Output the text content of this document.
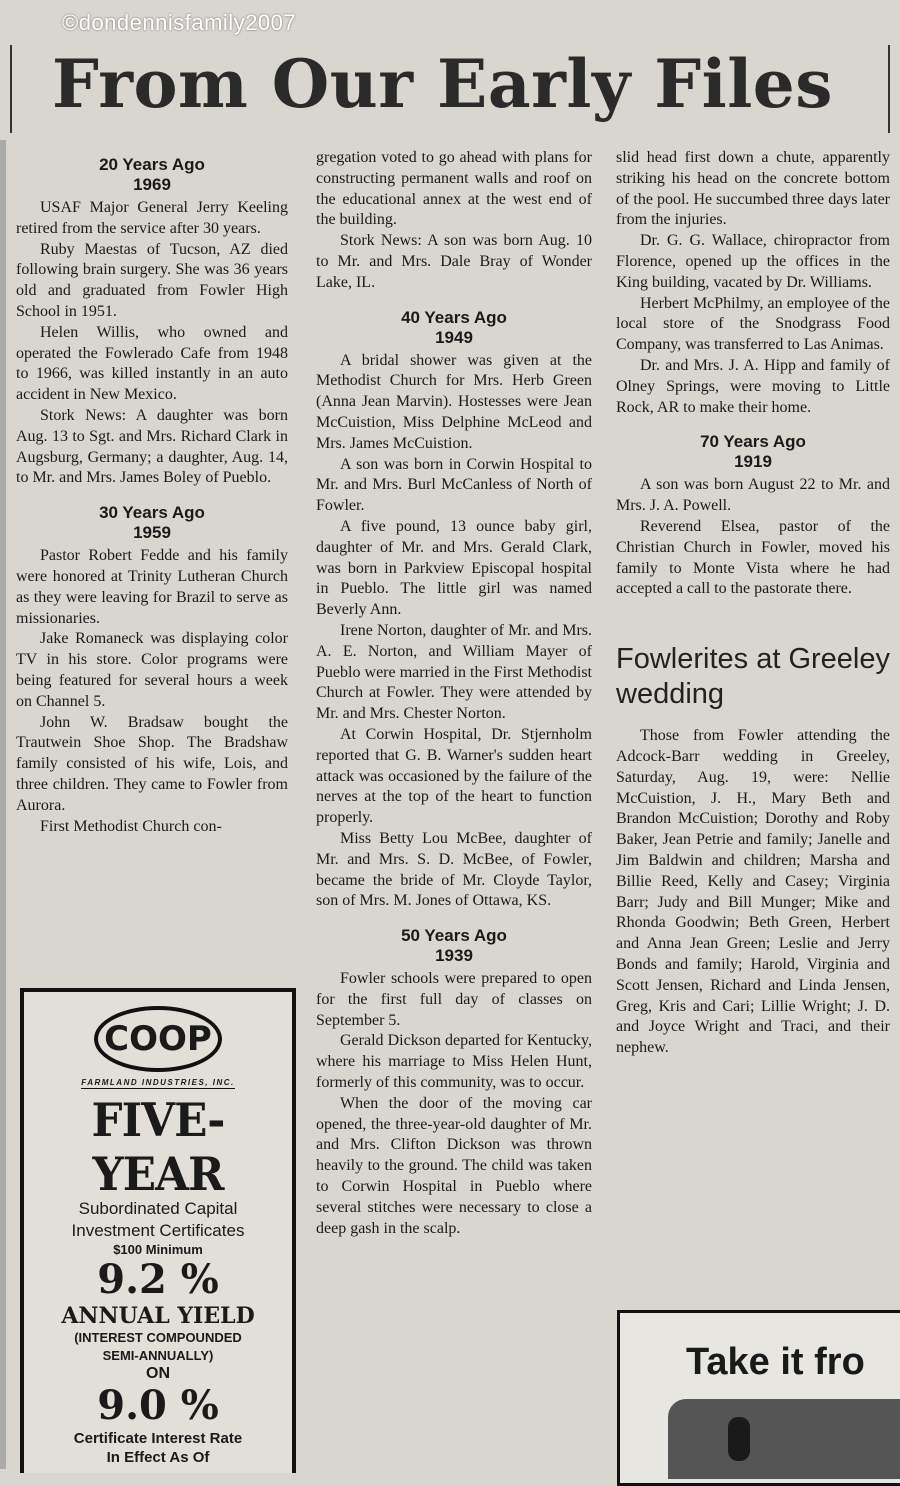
©dondennisfamily2007
From Our Early Files
20 Years Ago
1969

USAF Major General Jerry Keeling retired from the service after 30 years.

Ruby Maestas of Tucson, AZ died following brain surgery. She was 36 years old and graduated from Fowler High School in 1951.

Helen Willis, who owned and operated the Fowlerado Cafe from 1948 to 1966, was killed instantly in an auto accident in New Mexico.

Stork News: A daughter was born Aug. 13 to Sgt. and Mrs. Richard Clark in Augsburg, Germany; a daughter, Aug. 14, to Mr. and Mrs. James Boley of Pueblo.

30 Years Ago
1959

Pastor Robert Fedde and his family were honored at Trinity Lutheran Church as they were leaving for Brazil to serve as missionaries.

Jake Romaneck was displaying color TV in his store. Color programs were being featured for several hours a week on Channel 5.

John W. Bradsaw bought the Trautwein Shoe Shop. The Bradshaw family consisted of his wife, Lois, and three children. They came to Fowler from Aurora.

First Methodist Church con-

gregation voted to go ahead with plans for constructing permanent walls and roof on the educational annex at the west end of the building.

Stork News: A son was born Aug. 10 to Mr. and Mrs. Dale Bray of Wonder Lake, IL.

40 Years Ago
1949

A bridal shower was given at the Methodist Church for Mrs. Herb Green (Anna Jean Marvin). Hostesses were Jean McCuistion, Miss Delphine McLeod and Mrs. James McCuistion.

A son was born in Corwin Hospital to Mr. and Mrs. Burl McCanless of North of Fowler.

A five pound, 13 ounce baby girl, daughter of Mr. and Mrs. Gerald Clark, was born in Parkview Episcopal hospital in Pueblo. The little girl was named Beverly Ann.

Irene Norton, daughter of Mr. and Mrs. A. E. Norton, and William Mayer of Pueblo were married in the First Methodist Church at Fowler. They were attended by Mr. and Mrs. Chester Norton.

At Corwin Hospital, Dr. Stjernholm reported that G. B. Warner's sudden heart attack was occasioned by the failure of the nerves at the top of the heart to function properly.

Miss Betty Lou McBee, daughter of Mr. and Mrs. S. D. McBee, of Fowler, became the bride of Mr. Cloyde Taylor, son of Mrs. M. Jones of Ottawa, KS.

50 Years Ago
1939

Fowler schools were prepared to open for the first full day of classes on September 5.

Gerald Dickson departed for Kentucky, where his marriage to Miss Helen Hunt, formerly of this community, was to occur.

When the door of the moving car opened, the three-year-old daughter of Mr. and Mrs. Clifton Dickson was thrown heavily to the ground. The child was taken to Corwin Hospital in Pueblo where several stitches were necessary to close a deep gash in the scalp.

slid head first down a chute, apparently striking his head on the concrete bottom of the pool. He succumbed three days later from the injuries.

Dr. G. G. Wallace, chiropractor from Florence, opened up the offices in the King building, vacated by Dr. Williams.

Herbert McPhilmy, an employee of the local store of the Snodgrass Food Company, was transferred to Las Animas.

Dr. and Mrs. J. A. Hipp and family of Olney Springs, were moving to Little Rock, AR to make their home.

70 Years Ago
1919

A son was born August 22 to Mr. and Mrs. J. A. Powell.

Reverend Elsea, pastor of the Christian Church in Fowler, moved his family to Monte Vista where he had accepted a call to the pastorate there.

Fowlerites at Greeley wedding

Those from Fowler attending the Adcock-Barr wedding in Greeley, Saturday, Aug. 19, were: Nellie McCuistion, J. H., Mary Beth and Brandon McCuistion; Dorothy and Roby Baker, Jean Petrie and family; Janelle and Jim Baldwin and children; Marsha and Billie Reed, Kelly and Casey; Virginia Barr; Judy and Bill Munger; Mike and Rhonda Goodwin; Beth Green, Herbert and Anna Jean Green; Leslie and Jerry Bonds and family; Harold, Virginia and Scott Jensen, Richard and Linda Jensen, Greg, Kris and Cari; Lillie Wright; J. D. and Joyce Wright and Traci, and their nephew.

COOP
FARMLAND INDUSTRIES, INC.
FIVE-
YEAR
Subordinated Capital
Investment Certificates
$100 Minimum
9.2 %
ANNUAL YIELD
(INTEREST COMPOUNDED
SEMI-ANNUALLY)
ON
9.0 %
Certificate Interest Rate
In Effect As Of
Take it fro
